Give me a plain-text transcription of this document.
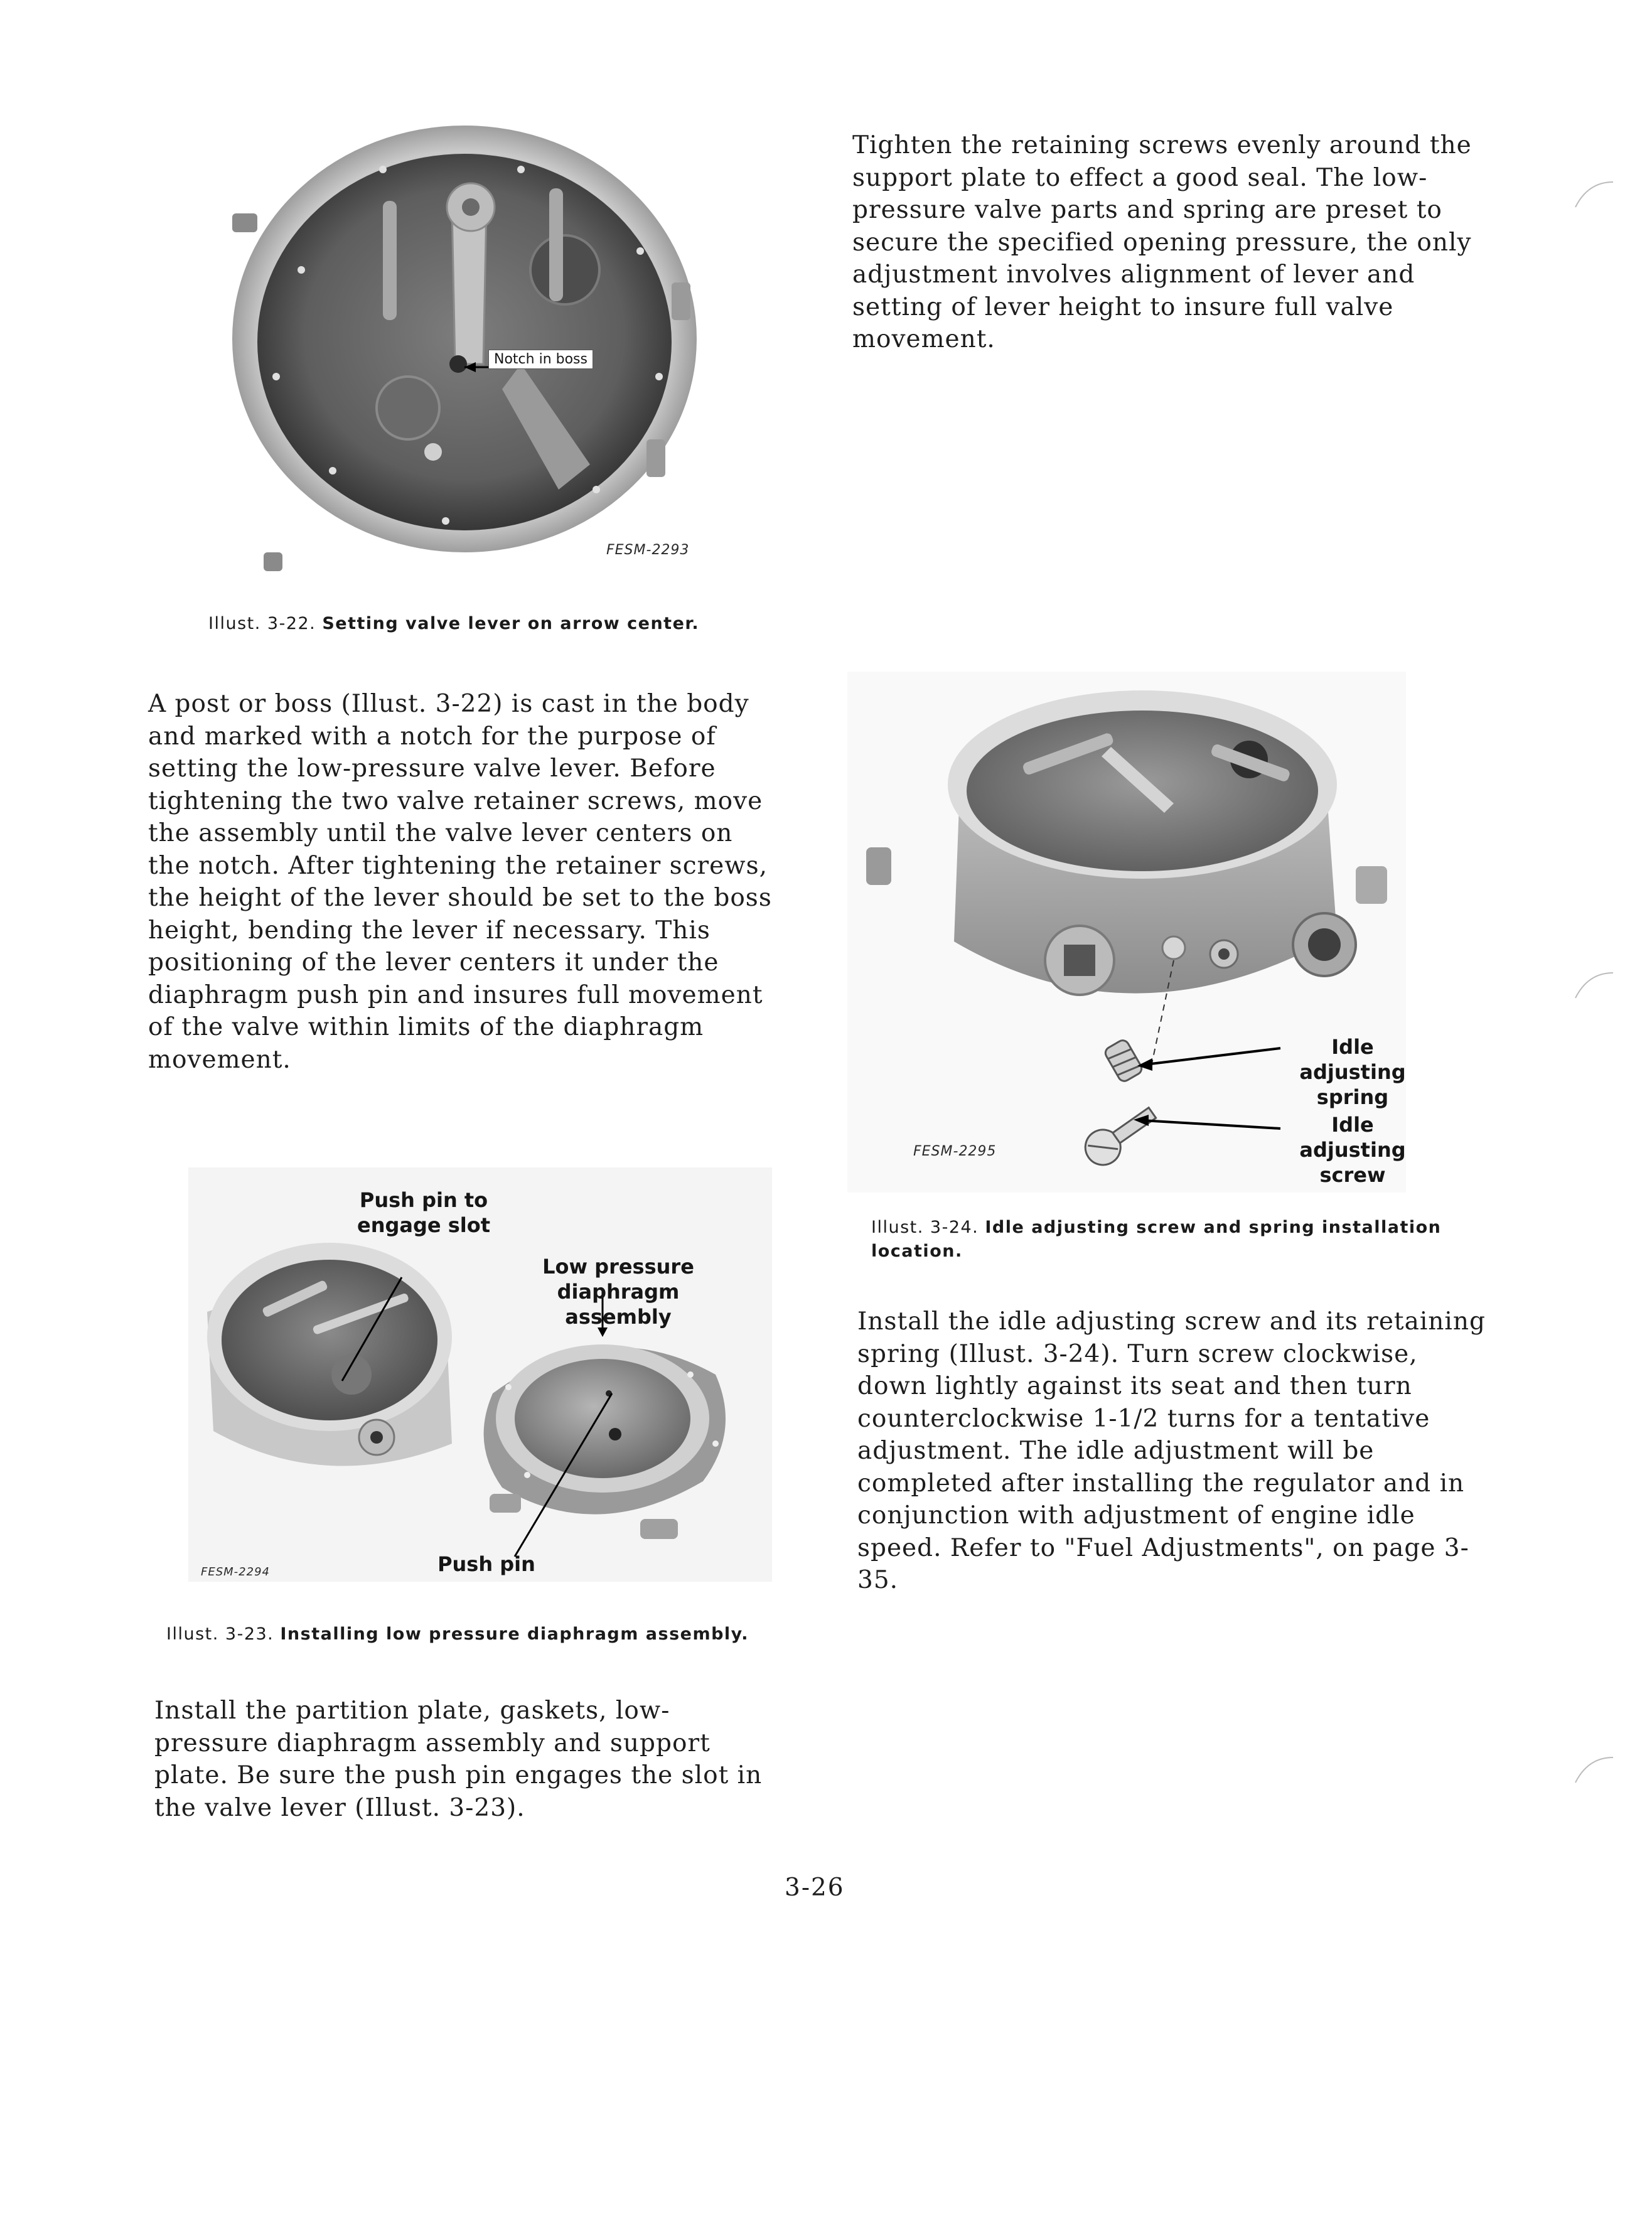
Tighten the retaining screws evenly around the support plate to effect a good seal. The low-pressure valve parts and spring are preset to secure the specified opening pressure, the only adjustment involves alignment of lever and setting of lever height to insure full valve movement.

Notch in boss
FESM-2293
Illust. 3-22. Setting valve lever on arrow center.

A post or boss (Illust. 3-22) is cast in the body and marked with a notch for the purpose of setting the low-pressure valve lever. Before tightening the two valve retainer screws, move the assembly until the valve lever centers on the notch. After tightening the retainer screws, the height of the lever should be set to the boss height, bending the lever if necessary. This positioning of the lever centers it under the diaphragm push pin and insures full movement of the valve within limits of the diaphragm movement.	Idle adjusting spring
Idle adjusting screw
FESM-2295
Illust. 3-24. Idle adjusting screw and spring installation location.

Install the idle adjusting screw and its retaining spring (Illust. 3-24). Turn screw clockwise, down lightly against its seat and then turn counterclockwise 1-1/2 turns for a tentative adjustment. The idle adjustment will be completed after installing the regulator and in conjunction with adjustment of engine idle speed. Refer to "Fuel Adjustments", on page 3-35.

Push pin to engage slot
Low pressure diaphragm assembly
Push pin
FESM-2294
Illust. 3-23. Installing low pressure diaphragm assembly.

Install the partition plate, gaskets, low-pressure diaphragm assembly and support plate. Be sure the push pin engages the slot in the valve lever (Illust. 3-23).

3-26
